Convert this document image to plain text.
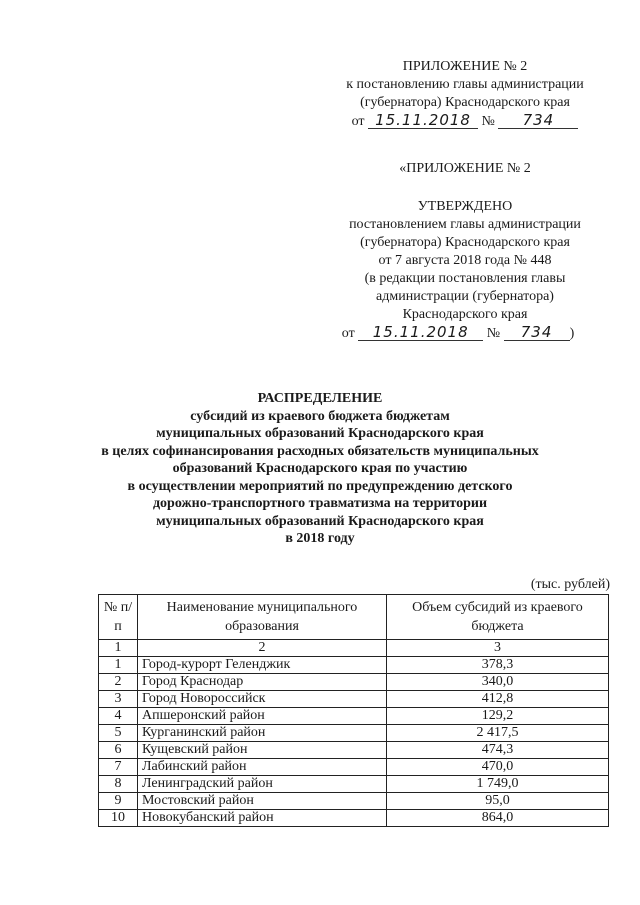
ПРИЛОЖЕНИЕ № 2
к постановлению главы администрации
(губернатора) Краснодарского края
от 15.11.2018 № 734
«ПРИЛОЖЕНИЕ № 2
УТВЕРЖДЕНО
постановлением главы администрации
(губернатора) Краснодарского края
от 7 августа 2018 года № 448
(в редакции постановления главы
администрации (губернатора)
Краснодарского края
от 15.11.2018 № 734 )
РАСПРЕДЕЛЕНИЕ
субсидий из краевого бюджета бюджетам
муниципальных образований Краснодарского края
в целях софинансирования расходных обязательств муниципальных
образований Краснодарского края по участию
в осуществлении мероприятий по предупреждению детского
дорожно-транспортного травматизма на территории
муниципальных образований Краснодарского края
в 2018 году
(тыс. рублей)
№ п/п	Наименование муниципального образования	Объем субсидий из краевого бюджета
1	2	3
1	Город-курорт Геленджик	378,3
2	Город Краснодар	340,0
3	Город Новороссийск	412,8
4	Апшеронский район	129,2
5	Курганинский район	2 417,5
6	Кущевский район	474,3
7	Лабинский район	470,0
8	Ленинградский район	1 749,0
9	Мостовский район	95,0
10	Новокубанский район	864,0
